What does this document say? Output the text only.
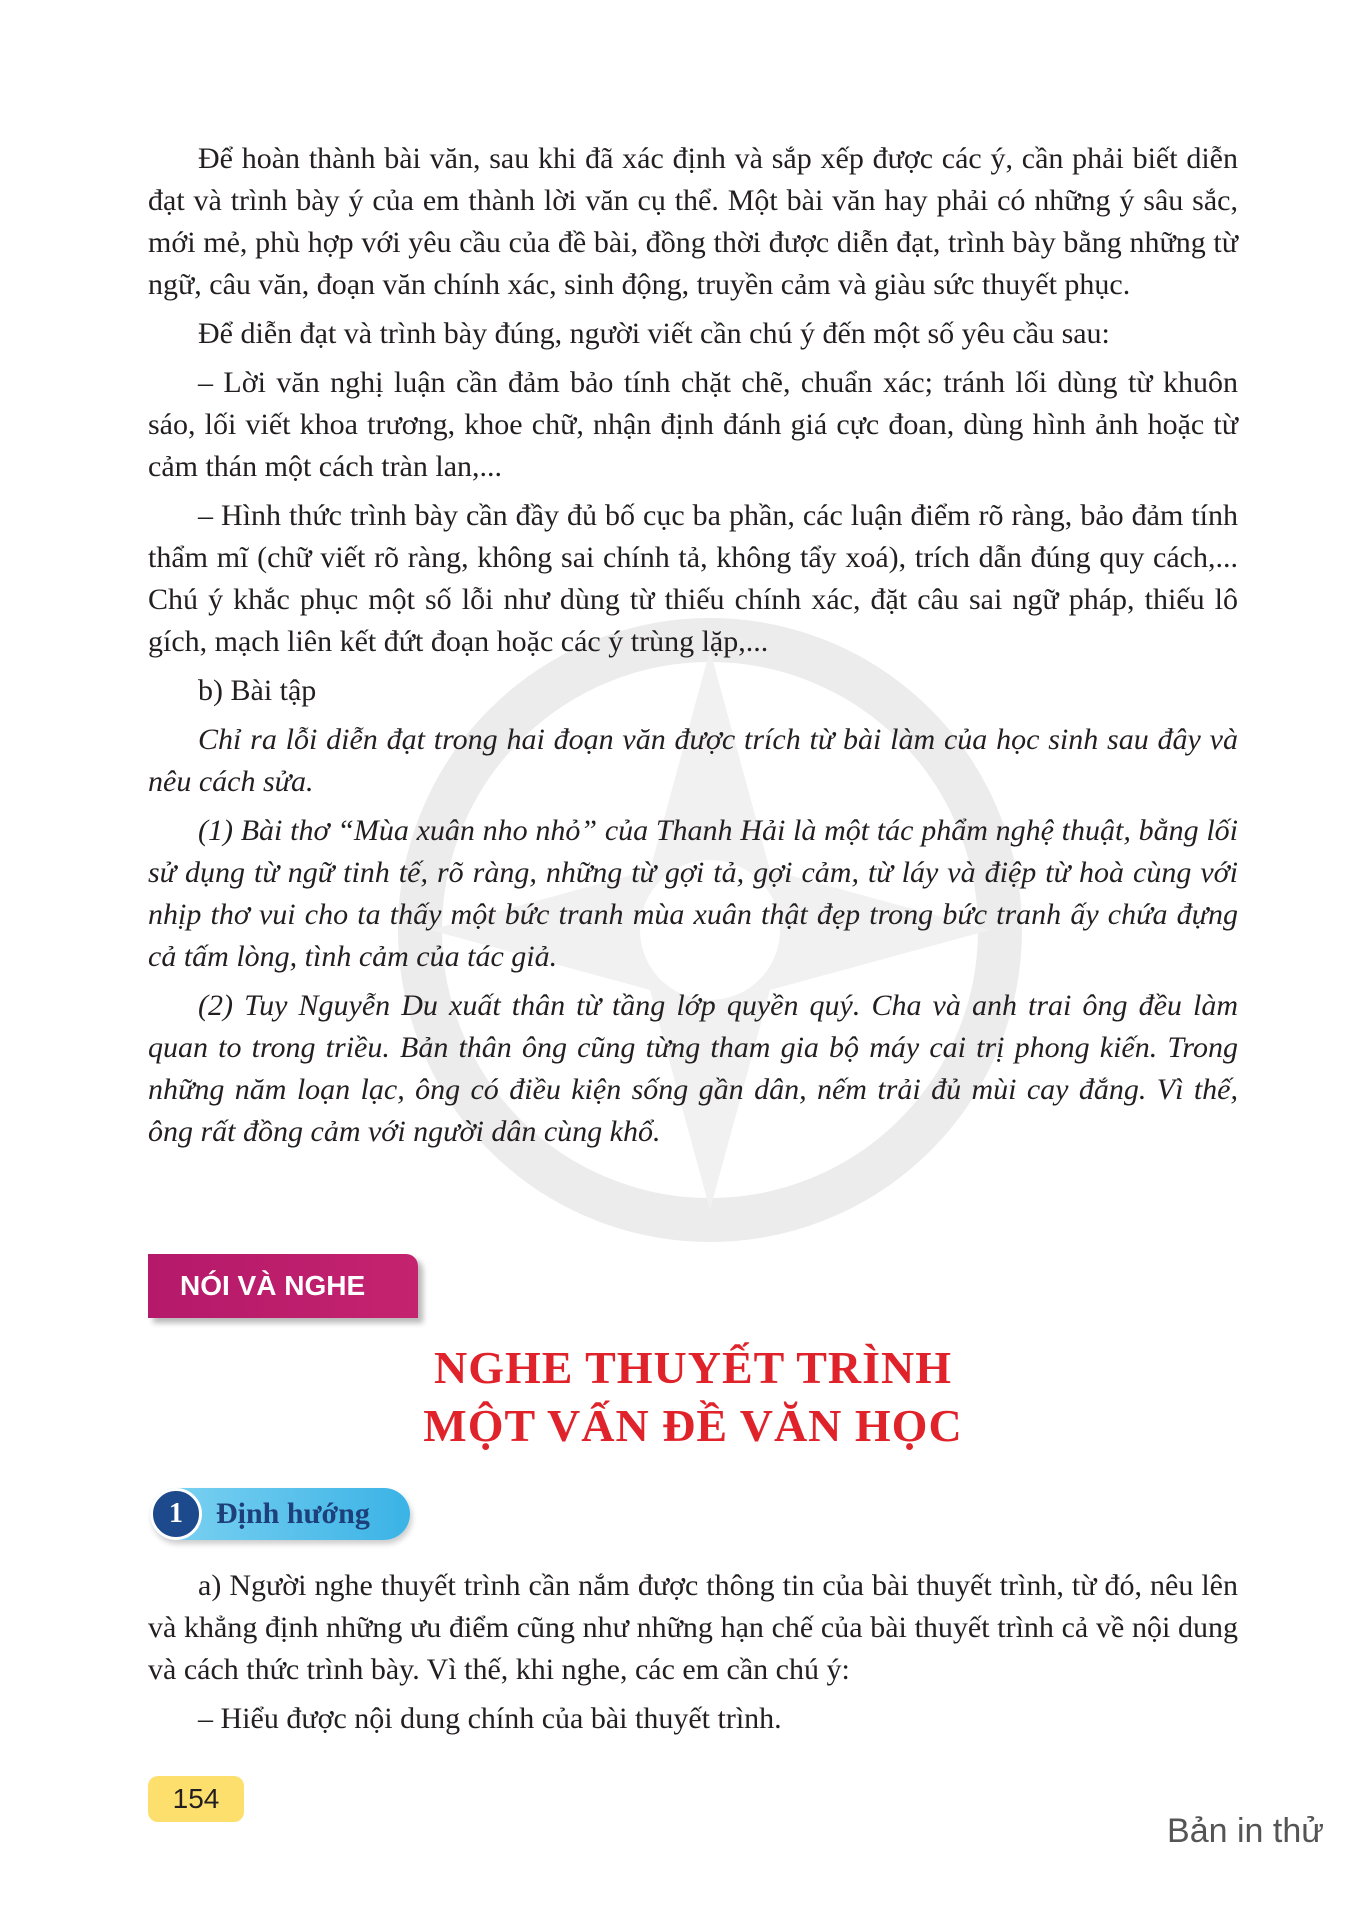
Để hoàn thành bài văn, sau khi đã xác định và sắp xếp được các ý, cần phải biết diễn đạt và trình bày ý của em thành lời văn cụ thể. Một bài văn hay phải có những ý sâu sắc, mới mẻ, phù hợp với yêu cầu của đề bài, đồng thời được diễn đạt, trình bày bằng những từ ngữ, câu văn, đoạn văn chính xác, sinh động, truyền cảm và giàu sức thuyết phục.

Để diễn đạt và trình bày đúng, người viết cần chú ý đến một số yêu cầu sau:

– Lời văn nghị luận cần đảm bảo tính chặt chẽ, chuẩn xác; tránh lối dùng từ khuôn sáo, lối viết khoa trương, khoe chữ, nhận định đánh giá cực đoan, dùng hình ảnh hoặc từ cảm thán một cách tràn lan,...

– Hình thức trình bày cần đầy đủ bố cục ba phần, các luận điểm rõ ràng, bảo đảm tính thẩm mĩ (chữ viết rõ ràng, không sai chính tả, không tẩy xoá), trích dẫn đúng quy cách,... Chú ý khắc phục một số lỗi như dùng từ thiếu chính xác, đặt câu sai ngữ pháp, thiếu lô gích, mạch liên kết đứt đoạn hoặc các ý trùng lặp,...

b) Bài tập

Chỉ ra lỗi diễn đạt trong hai đoạn văn được trích từ bài làm của học sinh sau đây và nêu cách sửa.

(1) Bài thơ “Mùa xuân nho nhỏ” của Thanh Hải là một tác phẩm nghệ thuật, bằng lối sử dụng từ ngữ tinh tế, rõ ràng, những từ gợi tả, gợi cảm, từ láy và điệp từ hoà cùng với nhịp thơ vui cho ta thấy một bức tranh mùa xuân thật đẹp trong bức tranh ấy chứa đựng cả tấm lòng, tình cảm của tác giả.

(2) Tuy Nguyễn Du xuất thân từ tầng lớp quyền quý. Cha và anh trai ông đều làm quan to trong triều. Bản thân ông cũng từng tham gia bộ máy cai trị phong kiến. Trong những năm loạn lạc, ông có điều kiện sống gần dân, nếm trải đủ mùi cay đắng. Vì thế, ông rất đồng cảm với người dân cùng khổ.

NÓI VÀ NGHE
NGHE THUYẾT TRÌNH
MỘT VẤN ĐỀ VĂN HỌC
1	Định hướng

a) Người nghe thuyết trình cần nắm được thông tin của bài thuyết trình, từ đó, nêu lên và khẳng định những ưu điểm cũng như những hạn chế của bài thuyết trình cả về nội dung và cách thức trình bày. Vì thế, khi nghe, các em cần chú ý:

– Hiểu được nội dung chính của bài thuyết trình.

154
Bản in thử
